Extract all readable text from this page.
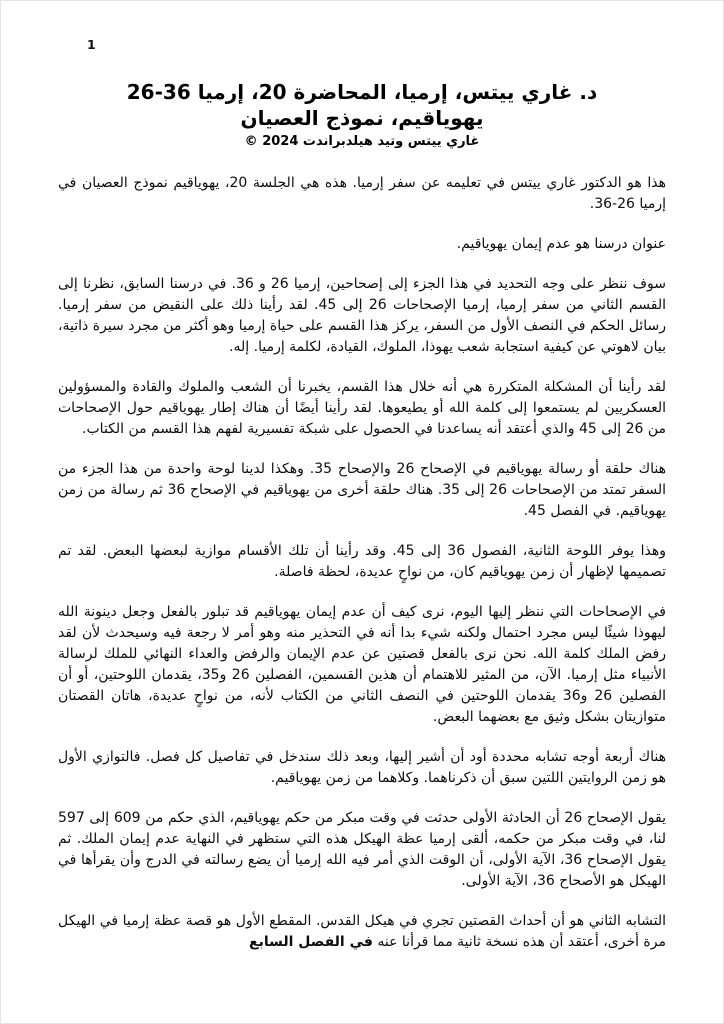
1
د. غاري ييتس، إرميا، المحاضرة 20، إرميا 36-26
يهوياقيم، نموذج العصيان
غاري ييتس وتيد هيلدبراندت 2024 ©

هذا هو الدكتور غاري ييتس في تعليمه عن سفر إرميا. هذه هي الجلسة 20، يهوياقيم نموذج العصيان في إرميا 26-36.

عنوان درسنا هو عدم إيمان يهوياقيم.

سوف ننظر على وجه التحديد في هذا الجزء إلى إصحاحين، إرميا 26 و 36. في درسنا السابق، نظرنا إلى القسم الثاني من سفر إرميا، إرميا الإصحاحات 26 إلى 45. لقد رأينا ذلك على النقيض من سفر إرميا. رسائل الحكم في النصف الأول من السفر، يركز هذا القسم على حياة إرميا وهو أكثر من مجرد سيرة ذاتية، بيان لاهوتي عن كيفية استجابة شعب يهوذا، الملوك، القيادة، لكلمة إرميا. إله.

لقد رأينا أن المشكلة المتكررة هي أنه خلال هذا القسم، يخبرنا أن الشعب والملوك والقادة والمسؤولين العسكريين لم يستمعوا إلى كلمة الله أو يطيعوها. لقد رأينا أيضًا أن هناك إطار يهوياقيم حول الإصحاحات من 26 إلى 45 والذي أعتقد أنه يساعدنا في الحصول على شبكة تفسيرية لفهم هذا القسم من الكتاب.

هناك حلقة أو رسالة يهوياقيم في الإصحاح 26 والإصحاح 35. وهكذا لدينا لوحة واحدة من هذا الجزء من السفر تمتد من الإصحاحات 26 إلى 35. هناك حلقة أخرى من يهوياقيم في الإصحاح 36 ثم رسالة من زمن يهوياقيم. في الفصل 45.

وهذا يوفر اللوحة الثانية، الفصول 36 إلى 45. وقد رأينا أن تلك الأقسام موازية لبعضها البعض. لقد تم تصميمها لإظهار أن زمن يهوياقيم كان، من نواحٍ عديدة، لحظة فاصلة.

في الإصحاحات التي ننظر إليها اليوم، نرى كيف أن عدم إيمان يهوياقيم قد تبلور بالفعل وجعل دينونة الله ليهوذا شيئًا ليس مجرد احتمال ولكنه شيء بدا أنه في التحذير منه وهو أمر لا رجعة فيه وسيحدث لأن لقد رفض الملك كلمة الله. نحن نرى بالفعل قصتين عن عدم الإيمان والرفض والعداء النهائي للملك لرسالة الأنبياء مثل إرميا. الآن، من المثير للاهتمام أن هذين القسمين، الفصلين 26 و35، يقدمان اللوحتين، أو أن الفصلين 26 و36 يقدمان اللوحتين في النصف الثاني من الكتاب لأنه، من نواحٍ عديدة، هاتان القصتان متوازيتان بشكل وثيق مع بعضهما البعض.

هناك أربعة أوجه تشابه محددة أود أن أشير إليها، وبعد ذلك سندخل في تفاصيل كل فصل. فالتوازي الأول هو زمن الروايتين اللتين سبق أن ذكرناهما. وكلاهما من زمن يهوياقيم.

يقول الإصحاح 26 أن الحادثة الأولى حدثت في وقت مبكر من حكم يهوياقيم، الذي حكم من 609 إلى 597 لنا، في وقت مبكر من حكمه، ألقى إرميا عظة الهيكل هذه التي ستظهر في النهاية عدم إيمان الملك. ثم يقول الإصحاح 36، الآية الأولى، أن الوقت الذي أمر فيه الله إرميا أن يضع رسالته في الدرج وأن يقرأها في الهيكل هو الأصحاح 36، الآية الأولى.

التشابه الثاني هو أن أحداث القصتين تجري في هيكل القدس. المقطع الأول هو قصة عظة إرميا في الهيكل مرة أخرى، أعتقد أن هذه نسخة ثانية مما قرأنا عنه في الفصل السابع
